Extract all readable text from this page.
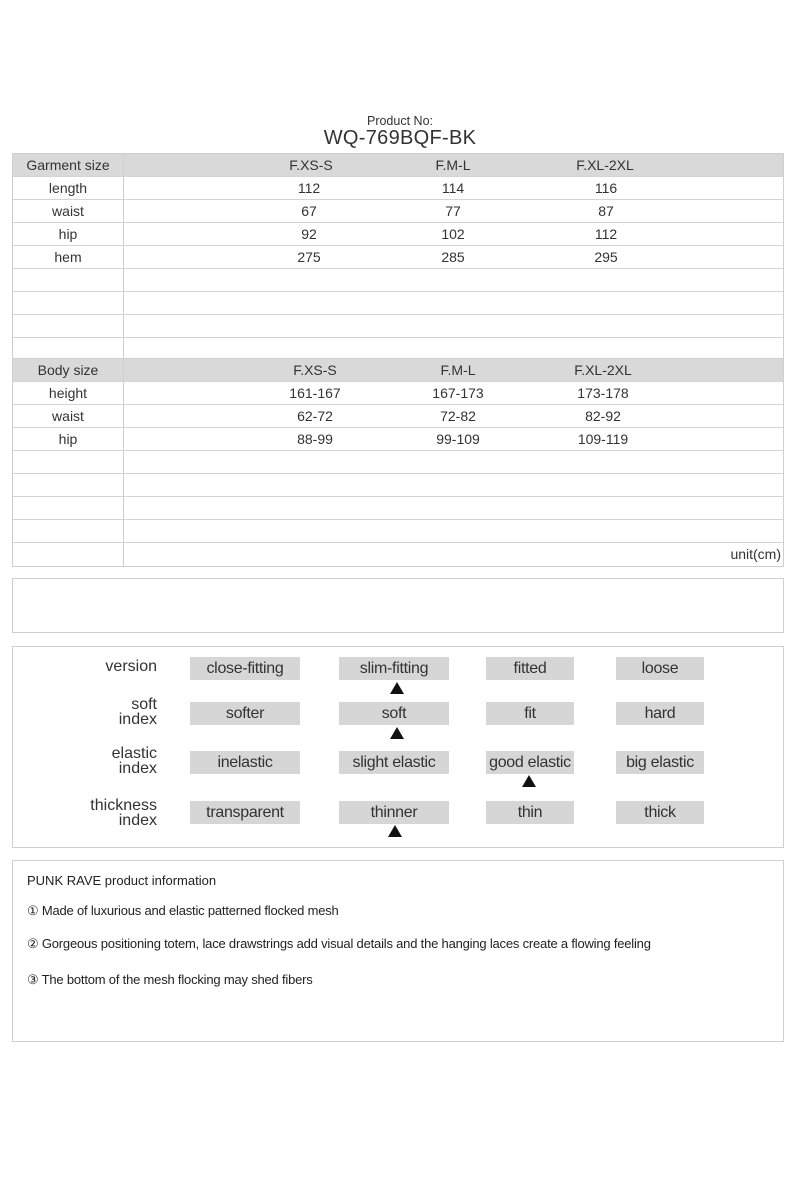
Product No:
WQ-769BQF-BK
Garment size	F.XS-S	F.M-L	F.XL-2XL
length	112	114	116
waist	67	77	87
hip	92	102	112
hem	275	285	295
Body size	F.XS-S	F.M-L	F.XL-2XL
height	161-167	167-173	173-178
waist	62-72	72-82	82-92
hip	88-99	99-109	109-119
unit(cm)
version	close-fitting	slim-fitting	fitted	loose
soft
index	softer	soft	fit	hard
elastic
index	inelastic	slight elastic	good elastic	big elastic
thickness
index	transparent	thinner	thin	thick
PUNK RAVE product information
① Made of luxurious and elastic patterned flocked mesh
② Gorgeous positioning totem, lace drawstrings add visual details and the hanging laces create a flowing feeling
③ The bottom of the mesh flocking may shed fibers
